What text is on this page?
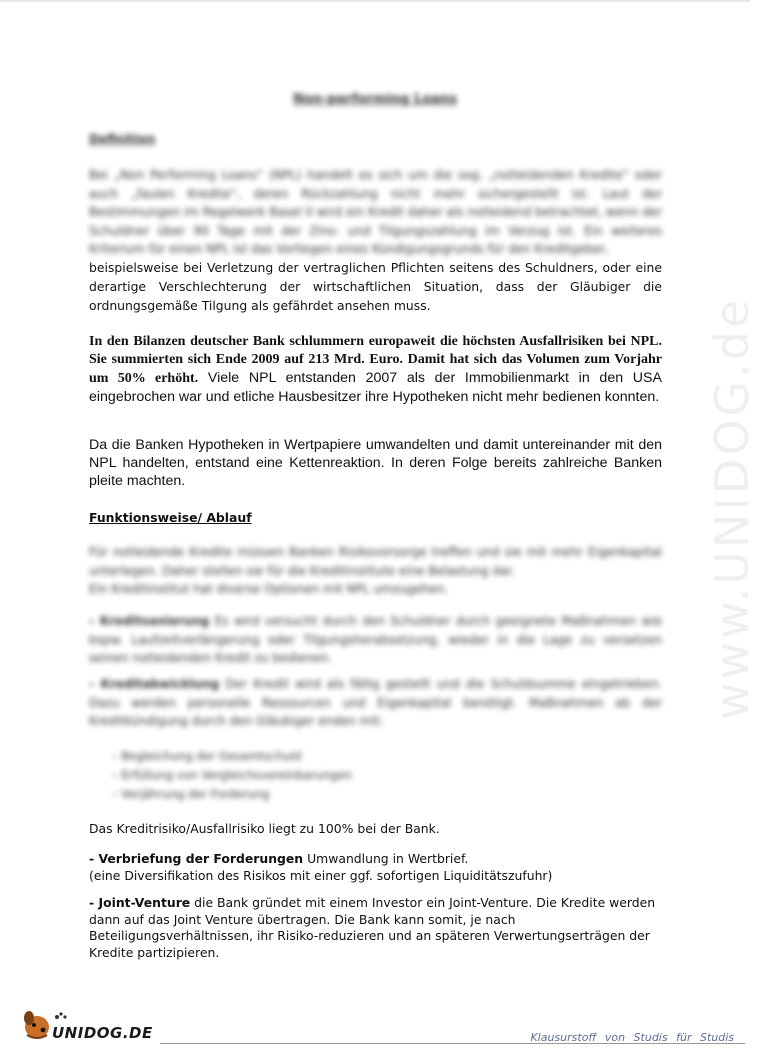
Non-performing Loans
Definition
Bei „Non Performing Loans“ (NPL) handelt es sich um die sog. „notleidenden Kredite“ oder auch „faulen Kredite“, deren Rückzahlung nicht mehr sichergestellt ist. Laut der Bestimmungen im Regelwerk Basel II wird ein Kredit daher als notleidend betrachtet, wenn der Schuldner über 90 Tage mit der Zins- und Tilgungszahlung im Verzug ist. Ein weiteres Kriterium für einen NPL ist das Vorliegen eines Kündigungsgrunds für den Kreditgeber,
beispielsweise bei Verletzung der vertraglichen Pflichten seitens des Schuldners, oder eine derartige Verschlechterung der wirtschaftlichen Situation, dass der Gläubiger die ordnungsgemäße Tilgung als gefährdet ansehen muss.
In den Bilanzen deutscher Bank schlummern europaweit die höchsten Ausfallrisiken bei NPL. Sie summierten sich Ende 2009 auf 213 Mrd. Euro. Damit hat sich das Volumen zum Vorjahr um 50% erhöht. Viele NPL entstanden 2007 als der Immobilienmarkt in den USA eingebrochen war und etliche Hausbesitzer ihre Hypotheken nicht mehr bedienen konnten.
Da die Banken Hypotheken in Wertpapiere umwandelten und damit untereinander mit den NPL handelten, entstand eine Kettenreaktion. In deren Folge bereits zahlreiche Banken pleite machten.
Funktionsweise/ Ablauf
Für notleidende Kredite müssen Banken Risikovorsorge treffen und sie mit mehr Eigenkapital unterlegen. Daher stellen sie für die Kreditinstitute eine Belastung dar.
Ein Kreditinstitut hat diverse Optionen mit NPL umzugehen.
- Kreditsanierung Es wird versucht durch den Schuldner durch geeignete Maßnahmen wie bspw. Laufzeitverlängerung oder Tilgungsherabsetzung, wieder in die Lage zu versetzen seinen notleidenden Kredit zu bedienen.
- Kreditabwicklung Der Kredit wird als fällig gestellt und die Schuldsumme eingetrieben. Dazu werden personelle Ressourcen und Eigenkapital benötigt. Maßnahmen ab der Kreditkündigung durch den Gläubiger enden mit:
– Begleichung der Gesamtschuld
– Erfüllung von Vergleichsvereinbarungen
– Verjährung der Forderung
Das Kreditrisiko/Ausfallrisiko liegt zu 100% bei der Bank.
- Verbriefung der Forderungen Umwandlung in Wertbrief.
(eine Diversifikation des Risikos mit einer ggf. sofortigen Liquiditätszufuhr)
- Joint-Venture die Bank gründet mit einem Investor ein Joint-Venture. Die Kredite werden dann auf das Joint Venture übertragen. Die Bank kann somit, je nach Beteiligungsverhältnissen, ihr Risiko-reduzieren und an späteren Verwertungserträgen der Kredite partizipieren.
www.UNIDOG.de
UNIDOG.DE	Klausurstoff von Studis für Studis
